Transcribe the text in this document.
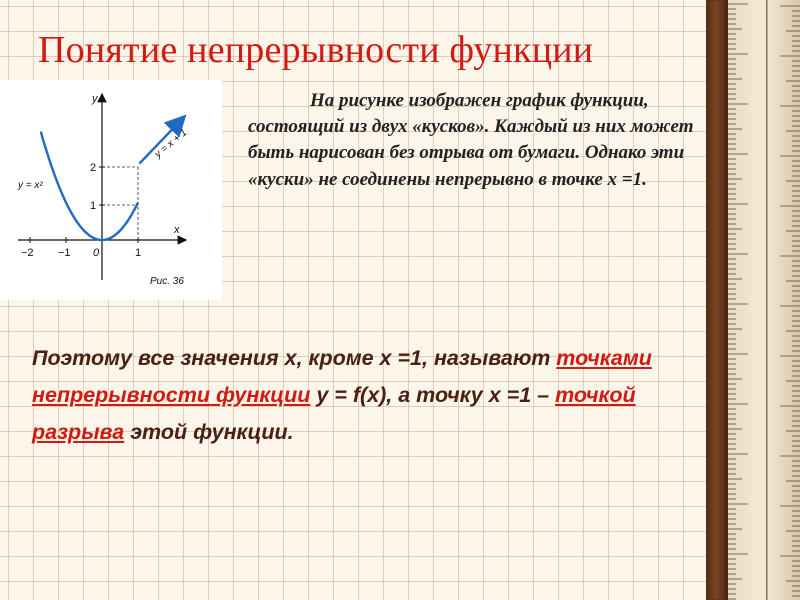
Понятие непрерывности функции
y
x
0
−2 −1	1
1
2
y = x²
y = x + 1
Рис. 36
На рисунке изображен график функции, состоящий из двух «кусков». Каждый из них может быть нарисован без отрыва от бумаги. Однако эти «куски» не соединены непрерывно в точке х =1.
Поэтому все значения х, кроме х =1, называют точками непрерывности функции у = f(х), а точку х =1 – точкой разрыва этой функции.
